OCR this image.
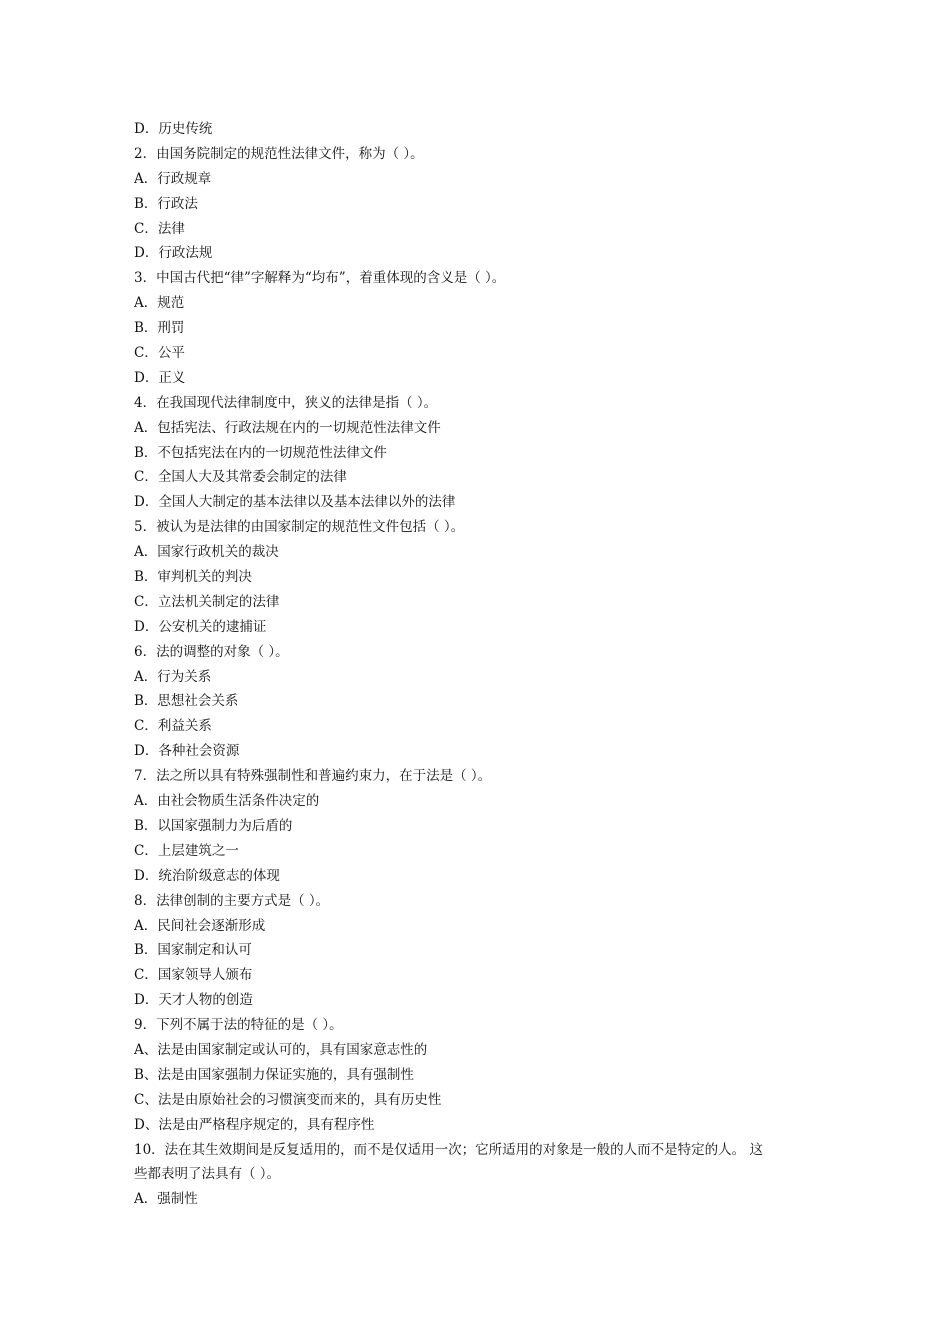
D．历史传统
2．由国务院制定的规范性法律文件，称为（ ）。
A．行政规章
B．行政法
C．法律
D．行政法规
3．中国古代把“律”字解释为“均布”，着重体现的含义是（ ）。
A．规范
B．刑罚
C．公平
D．正义
4．在我国现代法律制度中，狭义的法律是指（ ）。
A．包括宪法、行政法规在内的一切规范性法律文件
B．不包括宪法在内的一切规范性法律文件
C．全国人大及其常委会制定的法律
D．全国人大制定的基本法律以及基本法律以外的法律
5．被认为是法律的由国家制定的规范性文件包括（ ）。
A．国家行政机关的裁决
B．审判机关的判决
C．立法机关制定的法律
D．公安机关的逮捕证
6．法的调整的对象（ ）。
A．行为关系
B．思想社会关系
C．利益关系
D．各种社会资源
7．法之所以具有特殊强制性和普遍约束力，在于法是（ ）。
A．由社会物质生活条件决定的
B．以国家强制力为后盾的
C．上层建筑之一
D．统治阶级意志的体现
8．法律创制的主要方式是（ ）。
A．民间社会逐渐形成
B．国家制定和认可
C．国家领导人颁布
D．天才人物的创造
9．下列不属于法的特征的是（ ）。
A、法是由国家制定或认可的，具有国家意志性的
B、法是由国家强制力保证实施的，具有强制性
C、法是由原始社会的习惯演变而来的，具有历史性
D、法是由严格程序规定的，具有程序性
10．法在其生效期间是反复适用的，而不是仅适用一次；它所适用的对象是一般的人而不是特定的人。 这
些都表明了法具有（ ）。
A．强制性
